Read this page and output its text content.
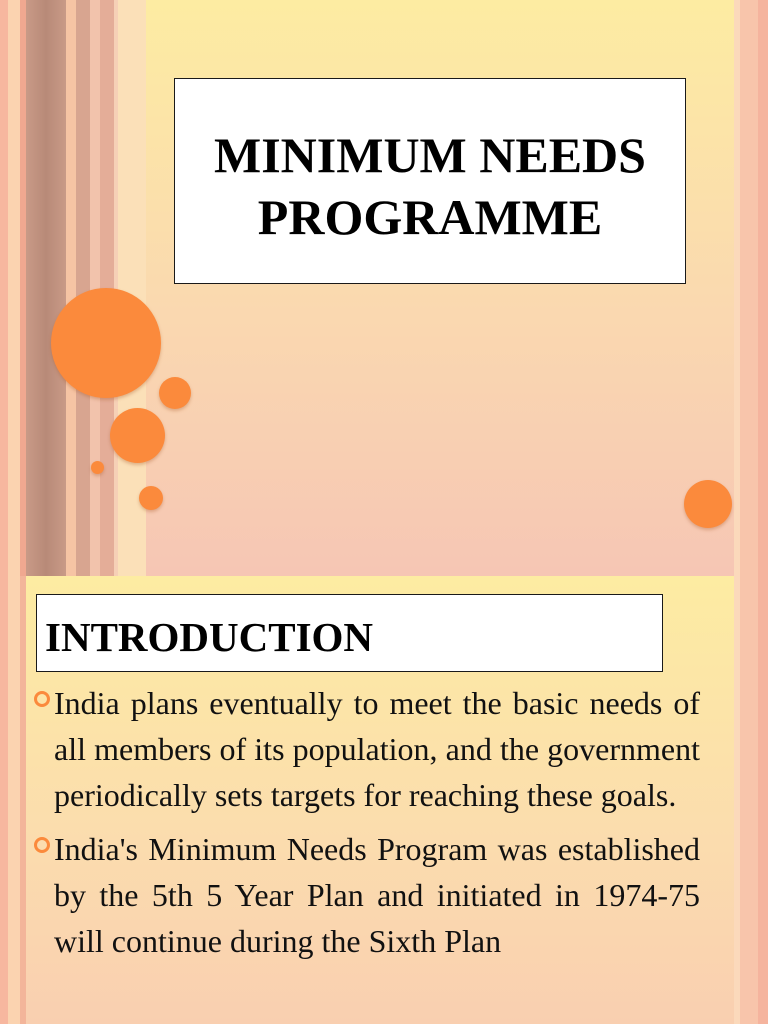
MINIMUM NEEDS PROGRAMME
INTRODUCTION
India plans eventually to meet the basic needs of all members of its population, and the government periodically sets targets for reaching these goals.
India's Minimum Needs Program was established by the 5th 5 Year Plan and initiated in 1974-75 will continue during the Sixth Plan
